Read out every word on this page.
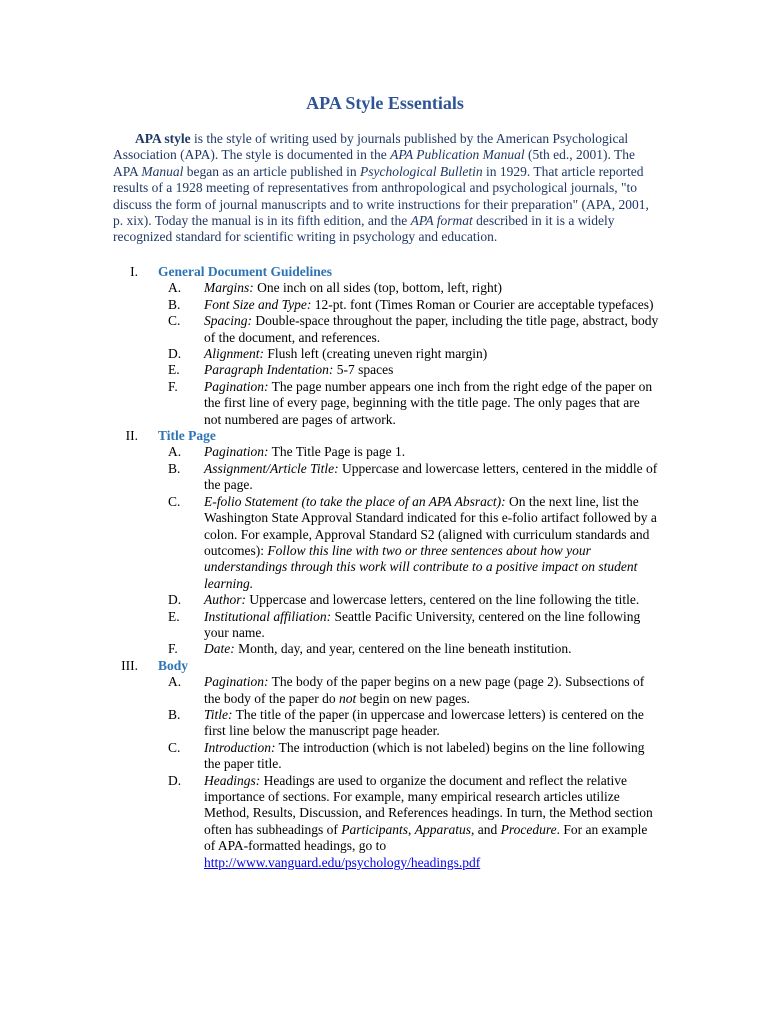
APA Style Essentials
APA style is the style of writing used by journals published by the American Psychological Association (APA). The style is documented in the APA Publication Manual (5th ed., 2001). The APA Manual began as an article published in Psychological Bulletin in 1929. That article reported results of a 1928 meeting of representatives from anthropological and psychological journals, "to discuss the form of journal manuscripts and to write instructions for their preparation" (APA, 2001, p. xix). Today the manual is in its fifth edition, and the APA format described in it is a widely recognized standard for scientific writing in psychology and education.
I.	General Document Guidelines
A. Margins: One inch on all sides (top, bottom, left, right)
B. Font Size and Type: 12-pt. font (Times Roman or Courier are acceptable typefaces)
C. Spacing: Double-space throughout the paper, including the title page, abstract, body of the document, and references.
D. Alignment: Flush left (creating uneven right margin)
E. Paragraph Indentation: 5-7 spaces
F. Pagination: The page number appears one inch from the right edge of the paper on the first line of every page, beginning with the title page. The only pages that are not numbered are pages of artwork.
II.	Title Page
A. Pagination: The Title Page is page 1.
B. Assignment/Article Title: Uppercase and lowercase letters, centered in the middle of the page.
C. E-folio Statement (to take the place of an APA Absract): On the next line, list the Washington State Approval Standard indicated for this e-folio artifact followed by a colon. For example, Approval Standard S2 (aligned with curriculum standards and outcomes): Follow this line with two or three sentences about how your understandings through this work will contribute to a positive impact on student learning.
D. Author: Uppercase and lowercase letters, centered on the line following the title.
E. Institutional affiliation: Seattle Pacific University, centered on the line following your name.
F. Date: Month, day, and year, centered on the line beneath institution.
III.	Body
A. Pagination: The body of the paper begins on a new page (page 2). Subsections of the body of the paper do not begin on new pages.
B. Title: The title of the paper (in uppercase and lowercase letters) is centered on the first line below the manuscript page header.
C. Introduction: The introduction (which is not labeled) begins on the line following the paper title.
D. Headings: Headings are used to organize the document and reflect the relative importance of sections. For example, many empirical research articles utilize Method, Results, Discussion, and References headings. In turn, the Method section often has subheadings of Participants, Apparatus, and Procedure. For an example of APA-formatted headings, go to http://www.vanguard.edu/psychology/headings.pdf
